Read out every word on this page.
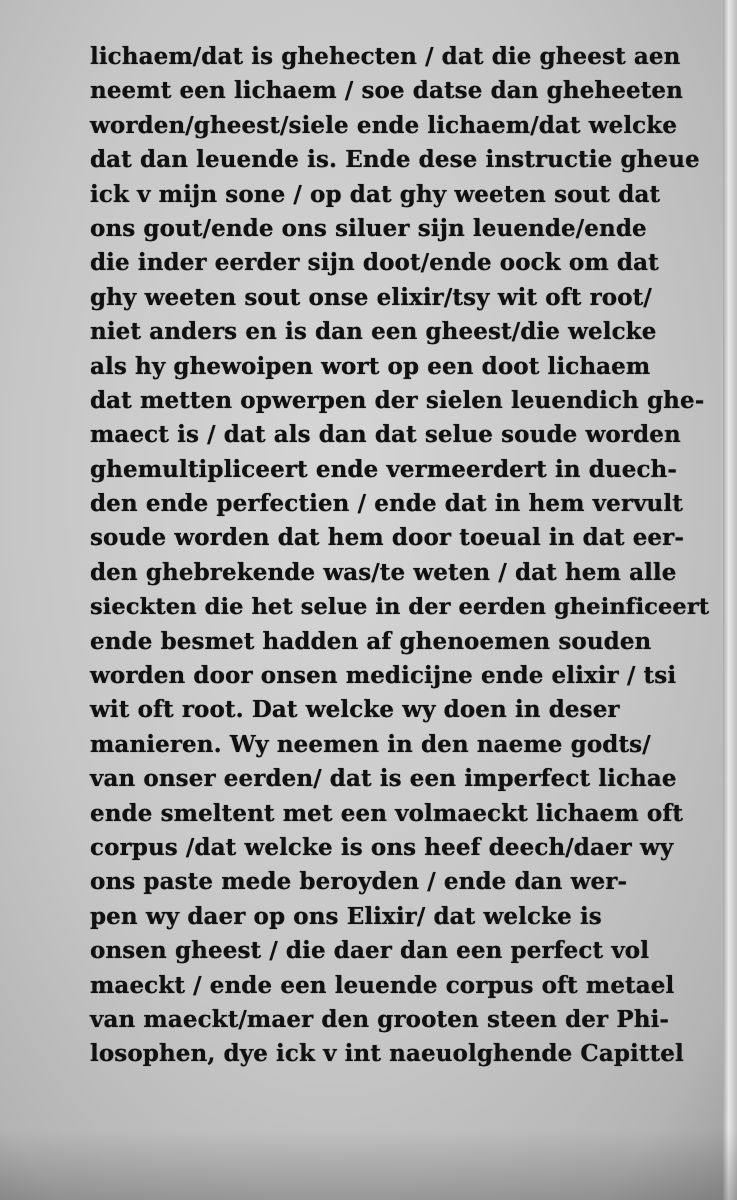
lichaem/dat is ghehecten / dat die gheest aen
neemt een lichaem / soe datse dan gheheeten
worden/gheest/siele ende lichaem/dat welcke
dat dan leuende is. Ende dese instructie gheue
ick v mijn sone / op dat ghy weeten sout dat
ons gout/ende ons siluer sijn leuende/ende
die inder eerder sijn doot/ende oock om dat
ghy weeten sout onse elixir/tsy wit oft root/
niet anders en is dan een gheest/die welcke
als hy ghewoipen wort op een doot lichaem
dat metten opwerpen der sielen leuendich ghe-
maect is / dat als dan dat selue soude worden
ghemultipliceert ende vermeerdert in duech-
den ende perfectien / ende dat in hem vervult
soude worden dat hem door toeual in dat eer-
den ghebrekende was/te weten / dat hem alle
sieckten die het selue in der eerden gheinficeert
ende besmet hadden af ghenoemen souden
worden door onsen medicijne ende elixir / tsi
wit oft root. Dat welcke wy doen in deser
manieren. Wy neemen in den naeme godts/
van onser eerden/ dat is een imperfect lichae
ende smeltent met een volmaeckt lichaem oft
corpus /dat welcke is ons heef deech/daer wy
ons paste mede beroyden / ende dan wer-
pen wy daer op ons Elixir/ dat welcke is
onsen gheest / die daer dan een perfect vol
maeckt / ende een leuende corpus oft metael
van maeckt/maer den grooten steen der Phi-
losophen, dye ick v int naeuolghende Capittel
